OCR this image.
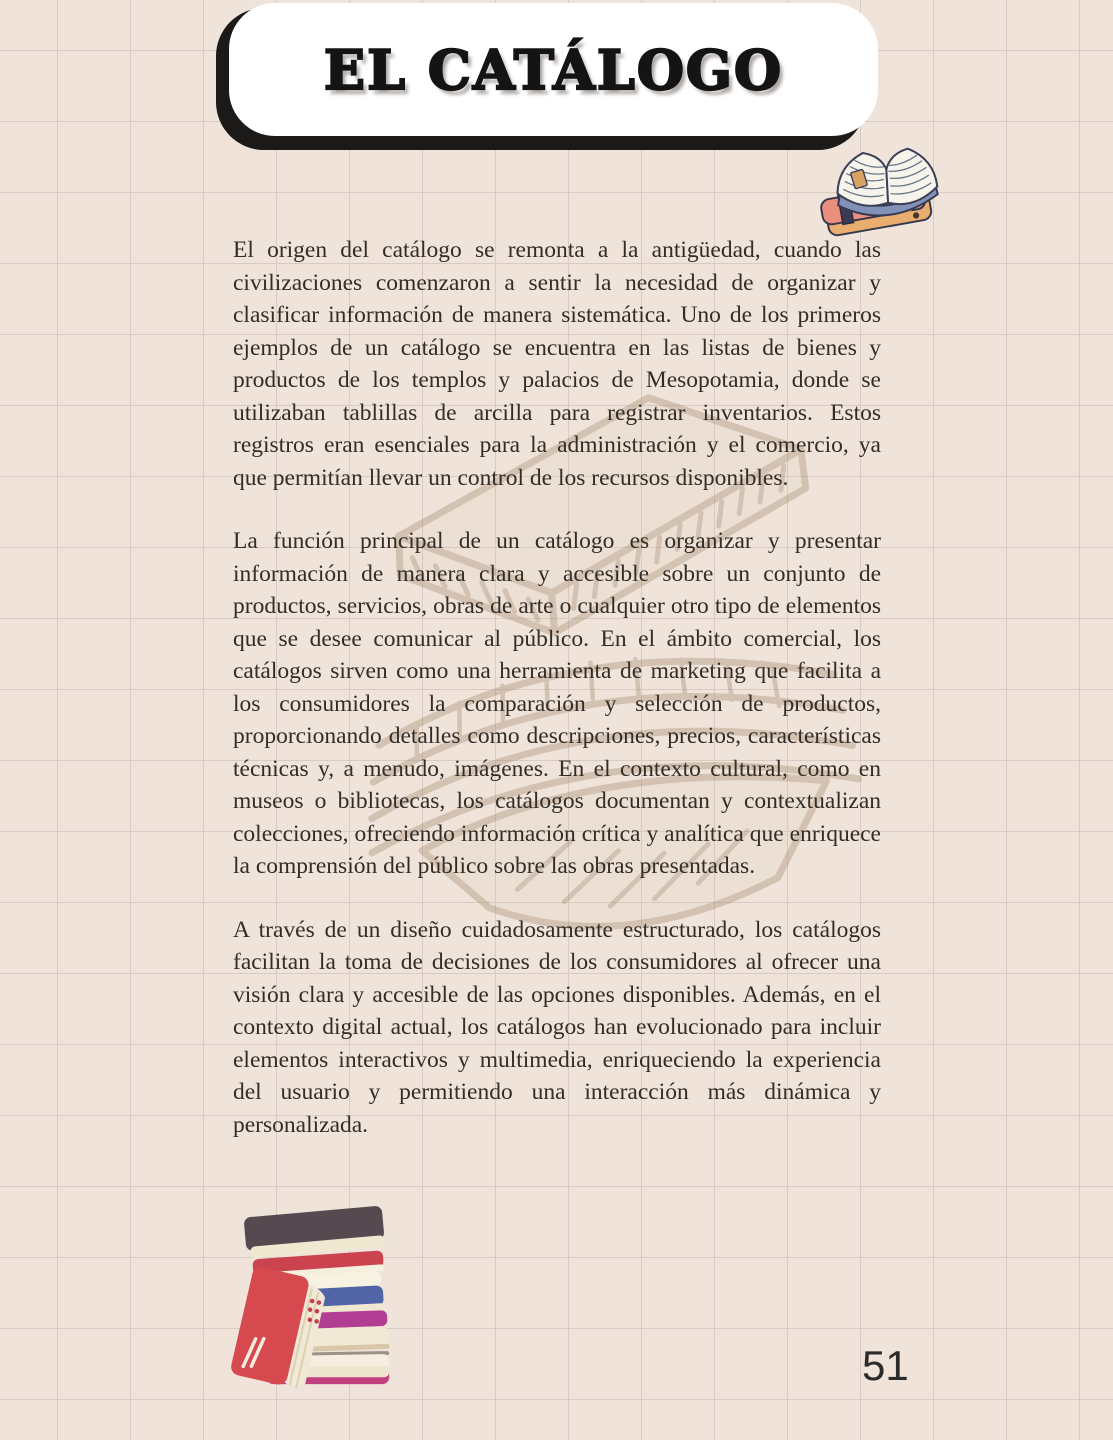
EL CATÁLOGO

El origen del catálogo se remonta a la antigüedad, cuando las civilizaciones comenzaron a sentir la necesidad de organizar y clasificar información de manera sistemática. Uno de los primeros ejemplos de un catálogo se encuentra en las listas de bienes y productos de los templos y palacios de Mesopotamia, donde se utilizaban tablillas de arcilla para registrar inventarios. Estos registros eran esenciales para la administración y el comercio, ya que permitían llevar un control de los recursos disponibles.

La función principal de un catálogo es organizar y presentar información de manera clara y accesible sobre un conjunto de productos, servicios, obras de arte o cualquier otro tipo de elementos que se desee comunicar al público. En el ámbito comercial, los catálogos sirven como una herramienta de marketing que facilita a los consumidores la comparación y selección de productos, proporcionando detalles como descripciones, precios, características técnicas y, a menudo, imágenes. En el contexto cultural, como en museos o bibliotecas, los catálogos documentan y contextualizan colecciones, ofreciendo información crítica y analítica que enriquece la comprensión del público sobre las obras presentadas.

A través de un diseño cuidadosamente estructurado, los catálogos facilitan la toma de decisiones de los consumidores al ofrecer una visión clara y accesible de las opciones disponibles. Además, en el contexto digital actual, los catálogos han evolucionado para incluir elementos interactivos y multimedia, enriqueciendo la experiencia del usuario y permitiendo una interacción más dinámica y personalizada.

51
